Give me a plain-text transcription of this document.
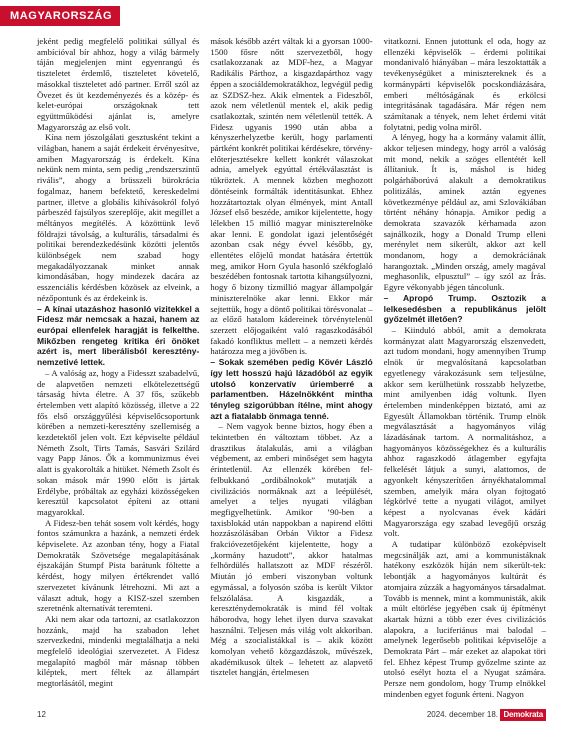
MAGYARORSZÁG

jeként pedig megfelelő politikai súllyal és ambícióval bír ahhoz, hogy a világ bármely táján megjelenjen mint egyenrangú és tiszteletet érdemlő, tiszteletet követelő, másokkal tiszteletet adó partner. Erről szól az Övezet és üt kezdeményezés és a közép- és kelet-európai országoknak tett együttműködési ajánlat is, amelyre Magyarország az első volt.

Kína nem jószolgálati gesztusként tekint a világban, hanem a saját érdekeit érvényesítve, amiben Magyarország is érdekelt. Kína nekünk nem minta, sem pedig „rendszerszintű rivális”, ahogy a brüsszeli bürokrácia fogalmaz, hanem befektető, kereskedelmi partner, illetve a globális kihívásokról folyó párbeszéd fajsúlyos szereplője, akit megillet a méltányos megítélés. A közöttünk levő földrajzi távolság, a kulturális, társadalmi és politikai berendezkedésünk közötti jelentős különbségek nem szabad hogy megakadályozzanak minket annak kimondásában, hogy mindezek dacára az esszenciális kérdésben közösek az elveink, a nézőpontunk és az érdekeink is.

– A kínai utazáshoz hasonló vizitekkel a Fidesz már nemcsak a hazai, hanem az európai ellenfelek haragját is felkelthe. Mikőzben rengeteg kritika éri önöket azért is, mert liberálisból keresztény-nemzetivé lettek.

– A valóság az, hogy a Fidesszt szabadelvű, de alapvetően nemzeti elkötelezettségű társaság hívta életre. A 37 fős, szűkebb értelemben vett alapító közösség, illetve a 22 fős első országgyűlési képviselőcsoportunk körében a nemzeti-keresztény szellemiség a kezdetektől jelen volt. Ezt képviselte például Németh Zsolt, Tirts Tamás, Sasvári Szilárd vagy Papp János. Ők a kommunizmus évei alatt is gyakorolták a hitüket. Németh Zsolt és sokan mások már 1990 előtt is jártak Erdélybe, próbáltak az egyházi közösségeken keresztül kapcsolatot építeni az ottani magyarokkal.

A Fidesz-ben tehát sosem volt kérdés, hogy fontos számunkra a hazánk, a nemzeti érdek képviselete. Az azonban tény, hogy a Fiatal Demokraták Szövetsége megalapításának éjszakáján Stumpf Pista barátunk föltette a kérdést, hogy milyen értékrendet valló szervezetet kívánunk létrehozni. Mi azt a választ adtuk, hogy a KISZ-szel szemben szeretnénk alternatívát teremteni.

Aki nem akar oda tartozni, az csatlakozzon hozzánk, majd ha szabadon lehet szervezkedni, mindenki megtalálhatja a neki megfelelő ideológiai szervezetet. A Fidesz megalapító magból már másnap többen kiléptek, mert féltek az állampárt megtorlásától, megint

mások később azért váltak ki a gyorsan 1000-1500 fősre nőtt szervezetből, hogy csatlakozzanak az MDF-hez, a Magyar Radikális Párthoz, a kisgazdapárthoz vagy éppen a szociáldemokratákhoz, legvégül pedig az SZDSZ-hez. Akik elmentek a Fideszből, azok nem véletlenül mentek el, akik pedig csatlakoztak, szintén nem véletlenül tették. A Fidesz ugyanis 1990 után abba a kényszerhelyzetbe került, hogy parlamenti pártként konkrét politikai kérdésekre, törvény-előterjesztésekre kellett konkrét válaszokat adnia, amelyek egyúttal értékválasztást is tükröztek. A mennek közben meghozott döntéseink formálták identitásunkat. Ehhez hozzátartoztak olyan élmények, mint Antall József első beszéde, amikor kijelentette, hogy lélekben 15 millió magyar miniszterelnöke akar lenni. E gondolat igazi jelentőségét azonban csak négy évvel később, gy, ellentétes előjelű mondat hatására értettük meg, amikor Horn Gyula hasonló székfoglaló beszédében fontosnak tartotta kihangsúlyozni, hogy ő bizony tízmillió magyar állampolgár miniszterelnöke akar lenni. Ekkor már sejtettük, hogy a döntő politikai törésvonalat – az előző hatalom kádereinek törvénytelenül szerzett előjogaiként való ragaszkodásából fakadó konfliktus mellett – a nemzeti kérdés határozza meg a jövőben is.

– Sokak szemében pedig Kövér László így lett hosszú hajú lázadóból az egyik utolsó konzervatív úriemberré a parlamentben. Házelnökként mintha tényleg szigorúbban ítélne, mint ahogy azt a fiatalabb önmaga tenné.

– Nem vagyok benne biztos, hogy ében a tekintetben én változtam többet. Az a drasztikus átalakulás, ami a világban végbement, az emberi minőséget sem hagyta érintetlenül. Az ellenzék körében fel-felbukkanó „ordibálnokok” mutatják a civilizációs normáknak azt a leépülését, amelyet a teljes nyugati világban megfigyelhetünk. Amikor ’90-ben a taxisblokád után nappokban a napirend előtti hozzászólásában Orbán Viktor a Fidesz frakcióvezetőjeként kijelentette, hogy a „kormány hazudott”, akkor hatalmas felhördülés hallatszott az MDF részéről. Miután jó emberi viszonyban voltunk egymással, a folyosón szóba is került Viktor felszólalása. A kisgazdák, a kereszténydemokraták is mind fél voltak háborodva, hogy lehet ilyen durva szavakat használni. Teljesen más világ volt akkoriban. Még a szocialistákkal is – akik között komolyan vehető közgazdászok, művészek, akadémikusok ültek – lehetett az alapvető tisztelet hangján, értelmesen

vitatkozni. Ennen jutottunk el oda, hogy az ellenzéki képviselők – érdemi politikai mondanivaló hiányában – mára leszoktatták a tevékenységüket a minisztereknek és a kormánypárti képviselők pocskondiázására, emberi méltóságának és erkölcsi integritásának tagadására. Már régen nem számítanak a tények, nem lehet érdemi vitát folytatni, pedig volna miről.

A lényeg, hogy ha a kormány valamit állít, akkor teljesen mindegy, hogy arról a valóság mit mond, nekik a szöges ellentétét kell állítaniuk. Ít is, máshol is hideg polgárháborúvá alakult a demokratikus politizálás, aminek aztán egyenes következménye például az, ami Szlovákiában történt néhány hónapja. Amikor pedig a demokrata szavazók kérhamada azon sajnálkozik, hogy a Donald Trump elleni merénylet nem sikerült, akkor azt kell mondanom, hogy a demokráciának harangoztak. „Minden ország, amely magával meghasonlik, elpusztul” – így szól az Írás. Egyre vékonyabb jégen táncolunk.

– Apropó Trump. Osztozik a lelkesedésben a republikánus jelölt győzelmét illetően?

– Kiinduló abból, amit a demokrata kormányzat alatt Magyarország elszenvedett, azt tudom mondani, hogy amennyiben Trump elnök úr megvalósítaná kapcsolatban egyetlenegy várakozásunk sem teljesülne, akkor sem kerülhetünk rosszabb helyzetbe, mint amilyenben idág voltunk. Ilyen értelemben mindenképpen biztató, ami az Egyesült Államokban történik. Trump elnök megválasztását a hagyományos világ lázadásának tartom. A normalitáshoz, a hagyományos közösségekhez és a kulturális ahhoz ragaszkodó átlagember egyfajta felkelését látjuk a sunyi, alattomos, de agyonkelt kényszerítően árnyékhatalommal szemben, amelyik mára olyan fojtogató légkörlvé tette a nyugati világot, amilyet képest a nyolcvanas évek kádári Magyarországa egy szabad levegőjű ország volt.

A tudatipar különböző ezoképviselt megcsinálják azt, ami a kommunistáknak hatékony eszközök híján nem sikerült-tek: lebontják a hagyományos kultúrát és atomjaira zúzzák a hagyományos társadalmat. Tovább is mennek, mint a kommunisták, akik a múlt eltörlése jegyében csak új építményt akartak húzni a több ezer éves civilizációs alapokra, a luciferiánus mai balodal – amelynek legerősebb politikai képviselője a Demokrata Párt – már ezeket az alapokat töri fel. Ehhez képest Trump győzelme szinte az utolsó esélyt hozta el a Nyugat számára. Persze nem gondolom, hogy Trump elnökkel mindenben egyet fogunk érteni. Nagyon

12	2024. december 18. Demokrata
